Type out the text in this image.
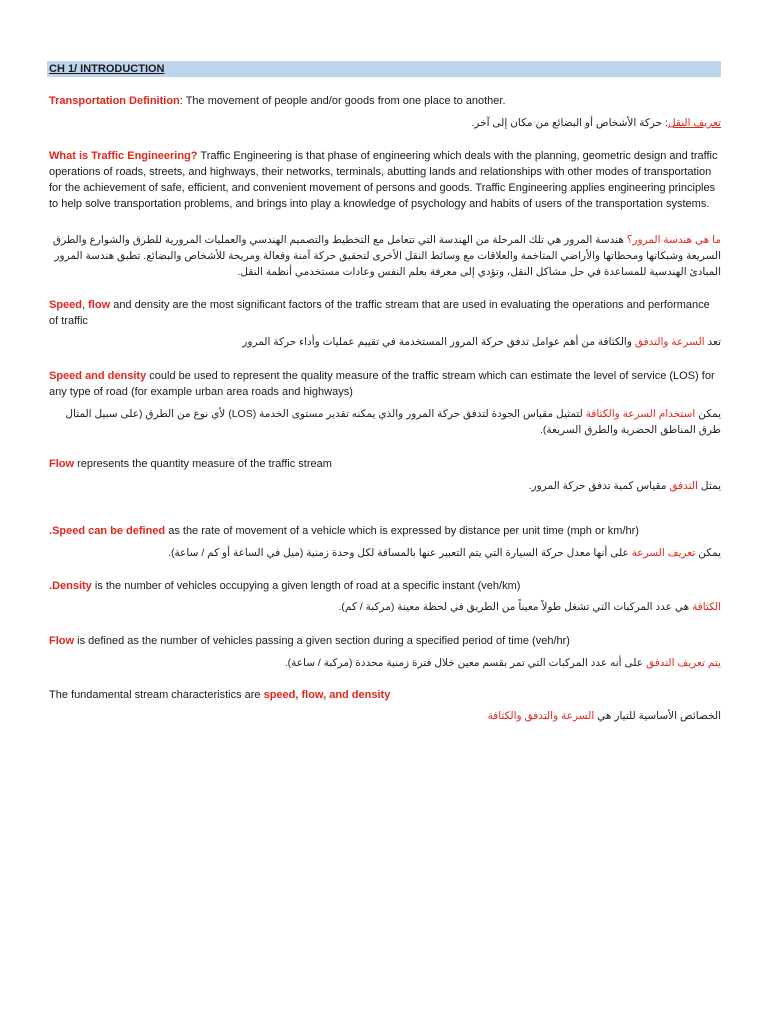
CH 1/ INTRODUCTION
Transportation Definition: The movement of people and/or goods from one place to another.
تعريف النقل: حركة الأشخاص أو البضائع من مكان إلى آخر.
What is Traffic Engineering? Traffic Engineering is that phase of engineering which deals with the planning, geometric design and traffic operations of roads, streets, and highways, their networks, terminals, abutting lands and relationships with other modes of transportation for the achievement of safe, efficient, and convenient movement of persons and goods. Traffic Engineering applies engineering principles to help solve transportation problems, and brings into play a knowledge of psychology and habits of users of the transportation systems.
ما هي هندسة المرور؟ هندسة المرور هي تلك المرحلة من الهندسة التي تتعامل مع التخطيط والتصميم الهندسي والعمليات المرورية للطرق والشوارع والطرق السريعة وشبكاتها ومحطاتها والأراضي المتاخمة والعلاقات مع وسائط النقل الأخرى لتحقيق حركة آمنة وفعالة ومريحة للأشخاص والبضائع. تطبق هندسة المرور المبادئ الهندسية للمساعدة في حل مشاكل النقل، وتؤدي إلى معرفة بعلم النفس وعادات مستخدمي أنظمة النقل.
Speed, flow and density are the most significant factors of the traffic stream that are used in evaluating the operations and performance of traffic
تعد السرعة والتدفق والكثافة من أهم عوامل تدفق حركة المرور المستخدمة في تقييم عمليات وأداء حركة المرور
Speed and density could be used to represent the quality measure of the traffic stream which can estimate the level of service (LOS) for any type of road (for example urban area roads and highways)
يمكن استخدام السرعة والكثافة لتمثيل مقياس الجودة لتدفق حركة المرور والذي يمكنه تقدير مستوى الخدمة (LOS) لأي نوع من الطرق (على سبيل المثال طرق المناطق الحضرية والطرق السريعة).
Flow represents the quantity measure of the traffic stream
يمثل التدفق مقياس كمية تدفق حركة المرور.
.Speed can be defined as the rate of movement of a vehicle which is expressed by distance per unit time (mph or km/hr)
يمكن تعريف السرعة على أنها معدل حركة السيارة التي يتم التعبير عنها بالمسافة لكل وحدة زمنية (ميل في الساعة أو كم / ساعة).
.Density is the number of vehicles occupying a given length of road at a specific instant (veh/km)
الكثافة هي عدد المركبات التي تشغل طولاً معيناً من الطريق في لحظة معينة (مركبة / كم).
Flow is defined as the number of vehicles passing a given section during a specified period of time (veh/hr)
يتم تعريف التدفق على أنه عدد المركبات التي تمر بقسم معين خلال فترة زمنية محددة (مركبة / ساعة).
The fundamental stream characteristics are speed, flow, and density
الخصائص الأساسية للتيار هي السرعة والتدفق والكثافة
